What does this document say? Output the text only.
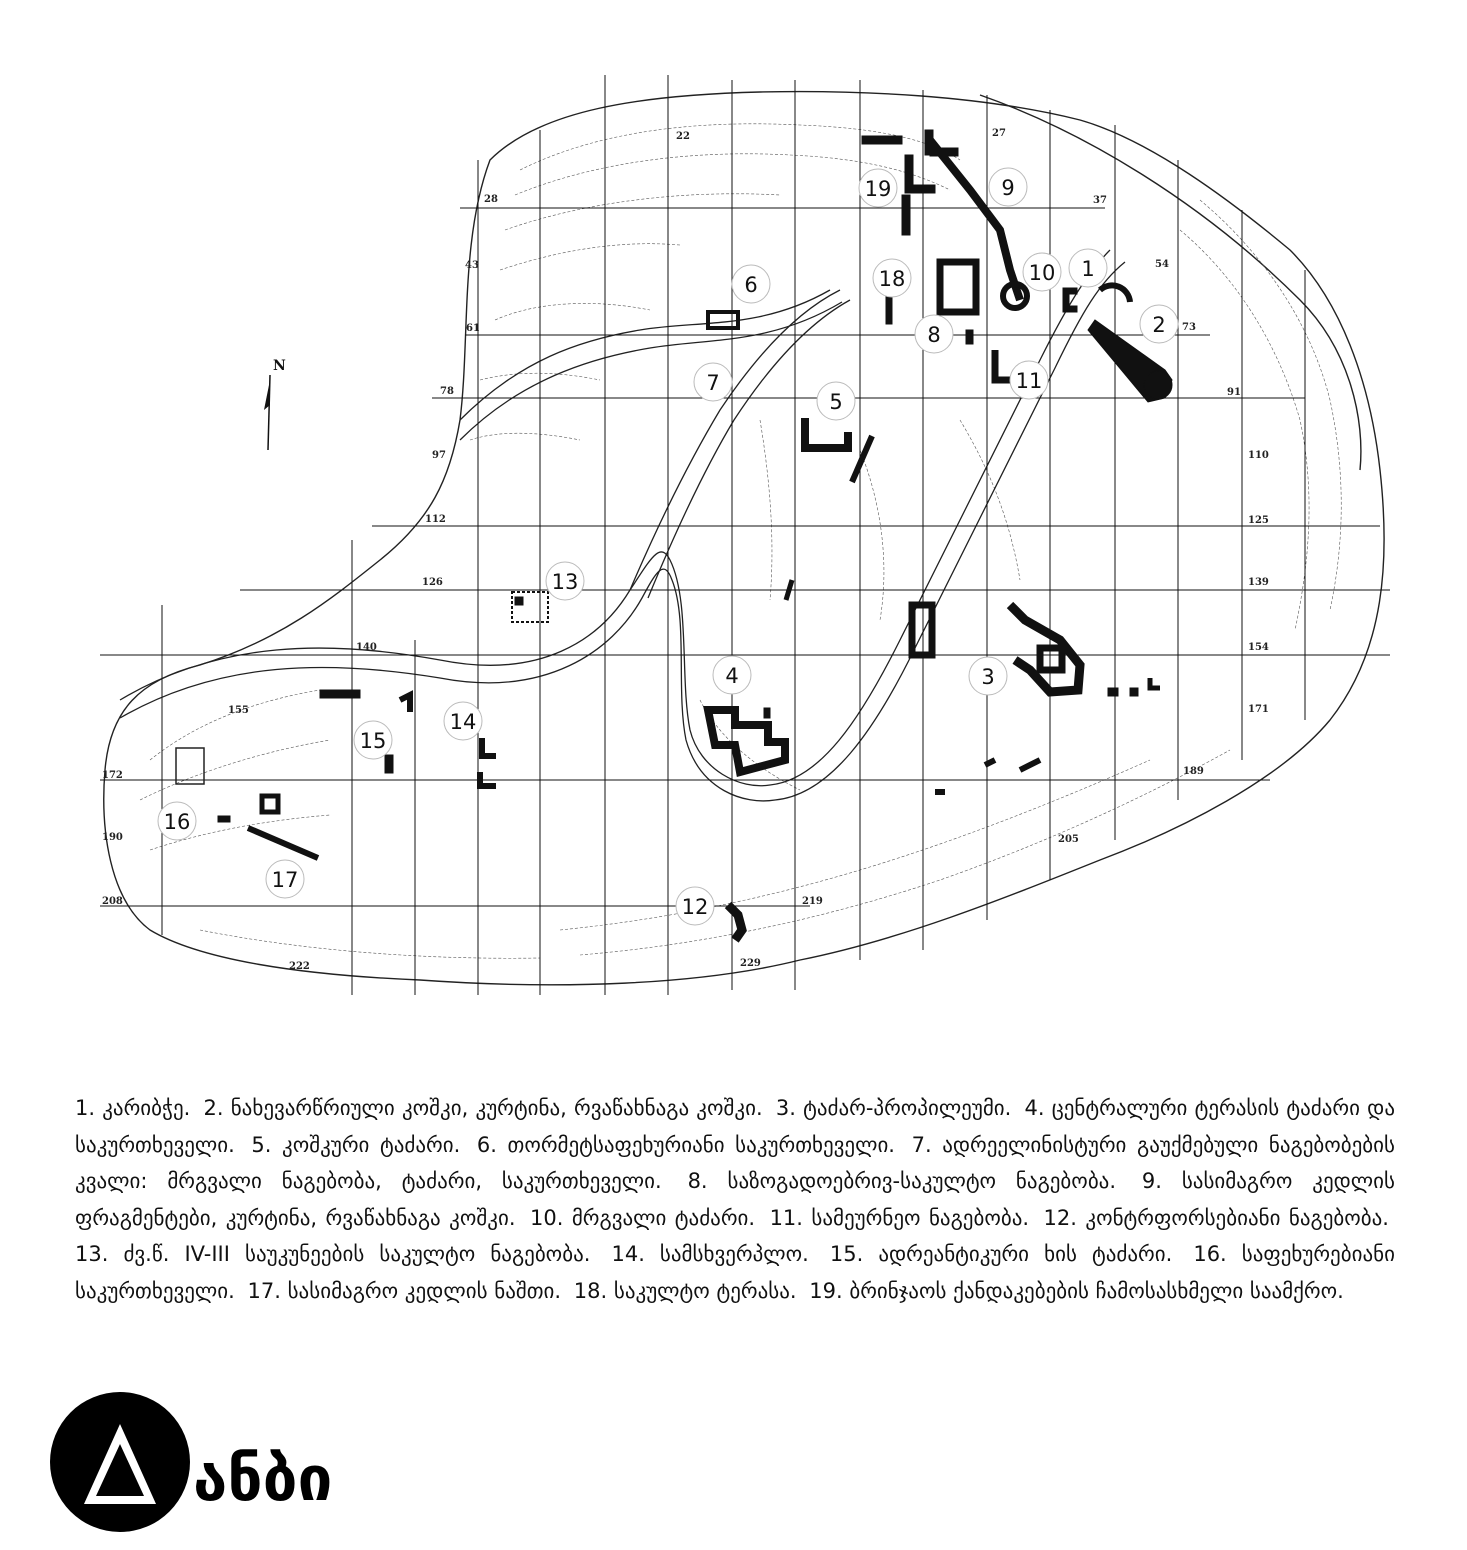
N
22	27
28	37
43	54
61	73
78	91
97	110
112	125
126	139
140	154
155	171
172	189
190	205
208	219
222	229
1
2
3
4
5
6
7
8
9
10
11
12
13
14
15
16
17
18
19
1. კარიბჭე. 2. ნახევარწრიული კოშკი, კურტინა, რვაწახნაგა კოშკი. 3. ტაძარ-პროპილეუმი. 4. ცენტრალური ტერასის ტაძარი და საკურთხეველი. 5. კოშკური ტაძარი. 6. თორმეტსაფეხურიანი საკურთხეველი. 7. ადრეელინისტური გაუქმებული ნაგებობების კვალი: მრგვალი ნაგებობა, ტაძარი, საკურთხეველი. 8. საზოგადოებრივ-საკულტო ნაგებობა. 9. სასიმაგრო კედლის ფრაგმენტები, კურტინა, რვაწახნაგა კოშკი. 10. მრგვალი ტაძარი. 11. სამეურნეო ნაგებობა. 12. კონტრფორსებიანი ნაგებობა. 13. ძვ.წ. IV-III საუკუნეების საკულტო ნაგებობა. 14. სამსხვერპლო. 15. ადრეანტიკური ხის ტაძარი. 16. საფეხურებიანი საკურთხეველი. 17. სასიმაგრო კედლის ნაშთი. 18. საკულტო ტერასა. 19. ბრინჯაოს ქანდაკებების ჩამოსასხმელი საამქრო.
ანბი
